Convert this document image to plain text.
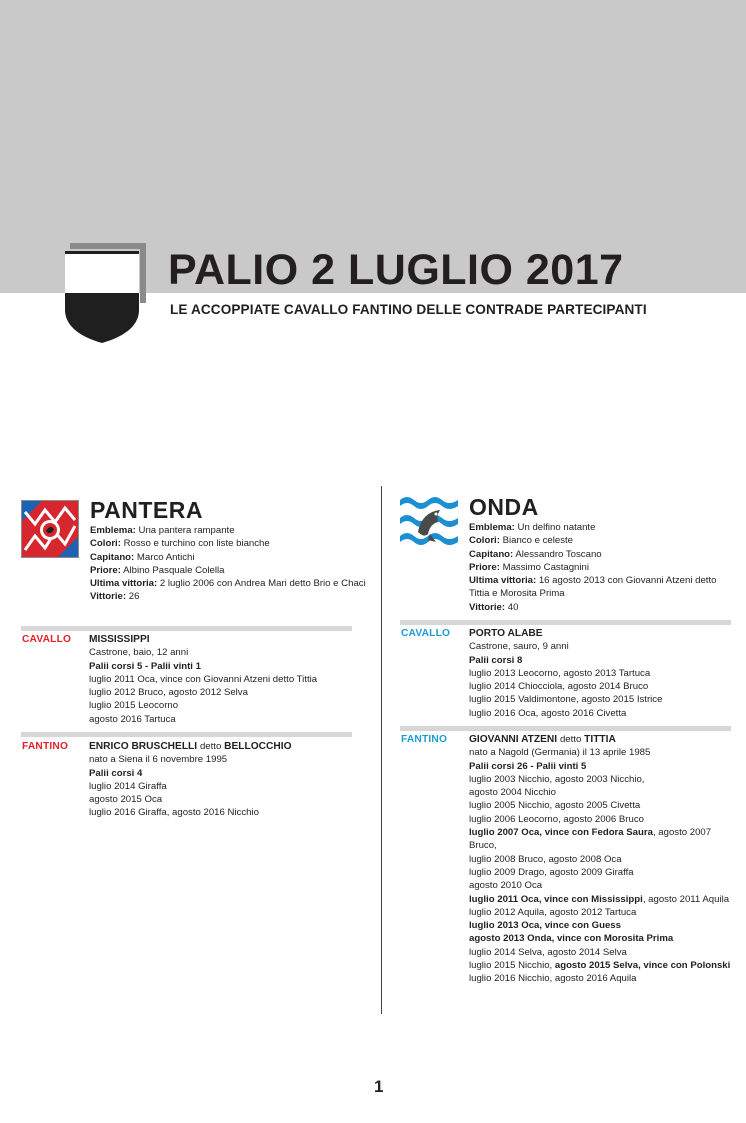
PALIO 2 LUGLIO 2017
LE ACCOPPIATE CAVALLO FANTINO DELLE CONTRADE PARTECIPANTI
PANTERA
Emblema: Una pantera rampante
Colori: Rosso e turchino con liste bianche
Capitano: Marco Antichi
Priore: Albino Pasquale Colella
Ultima vittoria: 2 luglio 2006 con Andrea Mari detto Brio e Chaci
Vittorie: 26
CAVALLO MISSISSIPPI
Castrone, baio, 12 anni
Palii corsi 5 - Palii vinti 1
luglio 2011 Oca, vince con Giovanni Atzeni detto Tittia
luglio 2012 Bruco, agosto 2012 Selva
luglio 2015 Leocorno
agosto 2016 Tartuca
FANTINO ENRICO BRUSCHELLI detto BELLOCCHIO
nato a Siena il 6 novembre 1995
Palii corsi 4
luglio 2014 Giraffa
agosto 2015 Oca
luglio 2016 Giraffa, agosto 2016 Nicchio
ONDA
Emblema: Un delfino natante
Colori: Bianco e celeste
Capitano: Alessandro Toscano
Priore: Massimo Castagnini
Ultima vittoria: 16 agosto 2013 con Giovanni Atzeni detto Tittia e Morosita Prima
Vittorie: 40
CAVALLO PORTO ALABE
Castrone, sauro, 9 anni
Palii corsi 8
luglio 2013 Leocorno, agosto 2013 Tartuca
luglio 2014 Chiocciola, agosto 2014 Bruco
luglio 2015 Valdimontone, agosto 2015 Istrice
luglio 2016 Oca, agosto 2016 Civetta
FANTINO GIOVANNI ATZENI detto TITTIA
nato a Nagold (Germania) il 13 aprile 1985
Palii corsi 26 - Palii vinti 5
luglio 2003 Nicchio, agosto 2003 Nicchio,
agosto 2004 Nicchio
luglio 2005 Nicchio, agosto 2005 Civetta
luglio 2006 Leocorno, agosto 2006 Bruco
luglio 2007 Oca, vince con Fedora Saura, agosto 2007 Bruco,
luglio 2008 Bruco, agosto 2008 Oca
luglio 2009 Drago, agosto 2009 Giraffa
agosto 2010 Oca
luglio 2011 Oca, vince con Mississippi, agosto 2011 Aquila
luglio 2012 Aquila, agosto 2012 Tartuca
luglio 2013 Oca, vince con Guess
agosto 2013 Onda, vince con Morosita Prima
luglio 2014 Selva, agosto 2014 Selva
luglio 2015 Nicchio, agosto 2015 Selva, vince con Polonski
luglio 2016 Nicchio, agosto 2016 Aquila
1
